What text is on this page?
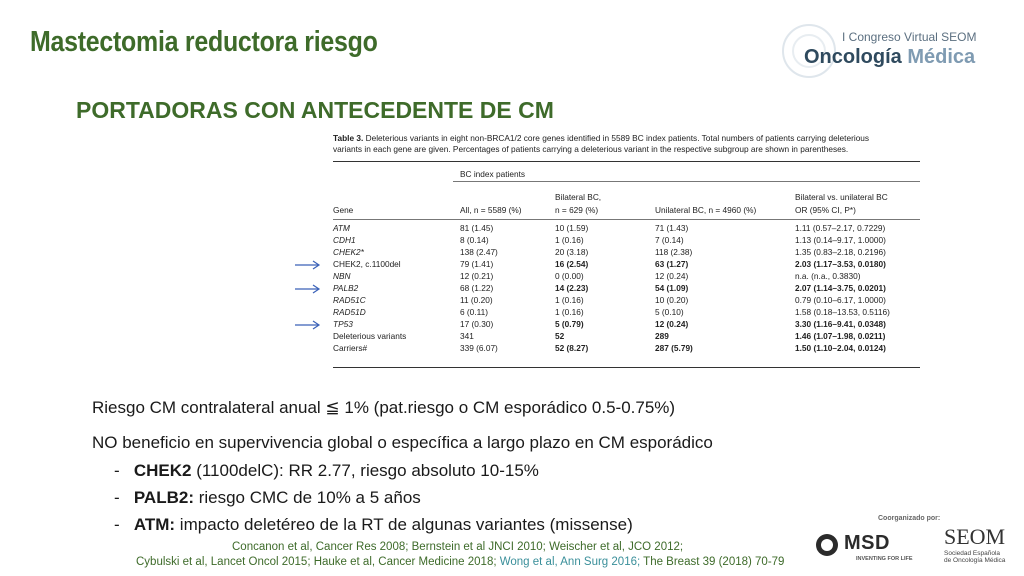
Mastectomia reductora riesgo	I Congreso Virtual SEOM
Oncología Médica
PORTADORAS CON ANTECEDENTE DE CM
Table 3. Deleterious variants in eight non-BRCA1/2 core genes identified in 5589 BC index patients. Total numbers of patients carrying deleterious
variants in each gene are given. Percentages of patients carrying a deleterious variant in the respective subgroup are shown in parentheses.
BC index patients
Bilateral BC,	Bilateral vs. unilateral BC
Gene	All, n = 5589 (%)	n = 629 (%)	Unilateral BC, n = 4960 (%)	OR (95% CI, P*)
ATM	81 (1.45)	10 (1.59)	71 (1.43)	1.11 (0.57–2.17, 0.7229)
CDH1	8 (0.14)	1 (0.16)	7 (0.14)	1.13 (0.14–9.17, 1.0000)
CHEK2*	138 (2.47)	20 (3.18)	118 (2.38)	1.35 (0.83–2.18, 0.2196)
CHEK2, c.1100del	79 (1.41)	16 (2.54)	63 (1.27)	2.03 (1.17–3.53, 0.0180)
NBN	12 (0.21)	0 (0.00)	12 (0.24)	n.a. (n.a., 0.3830)
PALB2	68 (1.22)	14 (2.23)	54 (1.09)	2.07 (1.14–3.75, 0.0201)
RAD51C	11 (0.20)	1 (0.16)	10 (0.20)	0.79 (0.10–6.17, 1.0000)
RAD51D	6 (0.11)	1 (0.16)	5 (0.10)	1.58 (0.18–13.53, 0.5116)
TP53	17 (0.30)	5 (0.79)	12 (0.24)	3.30 (1.16–9.41, 0.0348)
Deleterious variants	341	52	289	1.46 (1.07–1.98, 0.0211)
Carriers#	339 (6.07)	52 (8.27)	287 (5.79)	1.50 (1.10–2.04, 0.0124)
Riesgo CM contralateral anual ≦ 1% (pat.riesgo o CM esporádico 0.5-0.75%)
NO beneficio en supervivencia global o específica a largo plazo en CM esporádico
- CHEK2 (1100delC): RR 2.77, riesgo absoluto 10-15%
- PALB2: riesgo CMC de 10% a 5 años
- ATM: impacto deletéreo de la RT de algunas variantes (missense)
Concanon et al, Cancer Res 2008; Bernstein et al JNCI 2010; Weischer et al, JCO 2012;
Cybulski et al, Lancet Oncol 2015; Hauke et al, Cancer Medicine 2018; Wong et al, Ann Surg 2016; The Breast 39 (2018) 70-79
Coorganizado por:
MSD
INVENTING FOR LIFE
SEOM
Sociedad Española
de Oncología Médica
